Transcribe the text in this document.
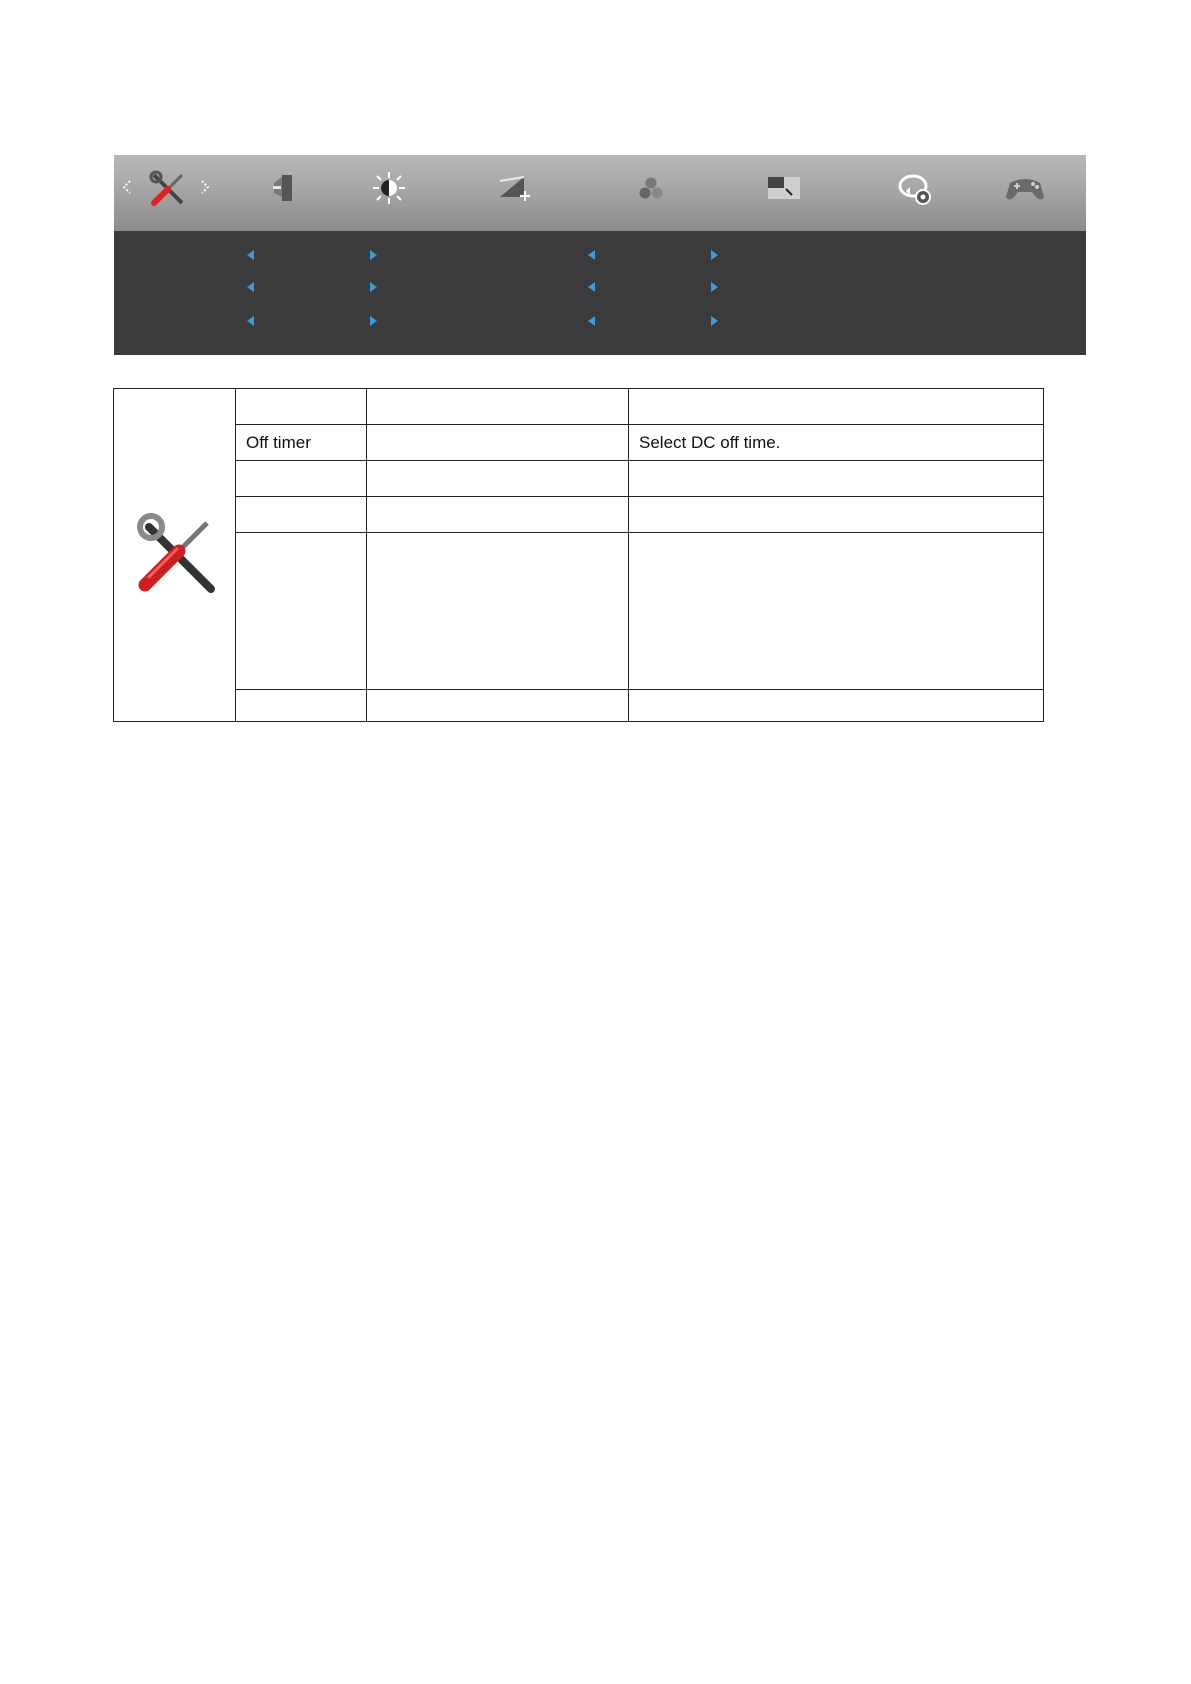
	Off timer		Select DC off time.
